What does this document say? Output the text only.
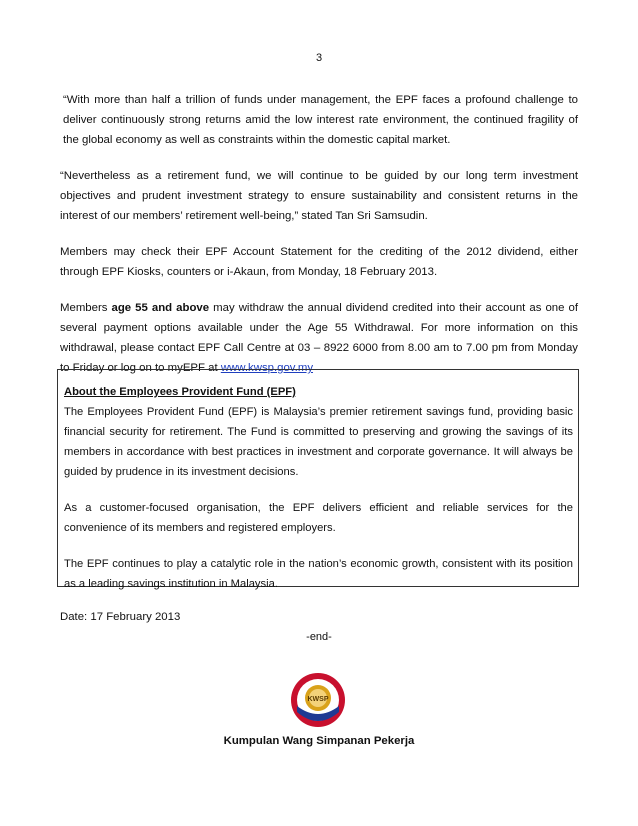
3

“With more than half a trillion of funds under management, the EPF faces a profound challenge to deliver continuously strong returns amid the low interest rate environment, the continued fragility of the global economy as well as constraints within the domestic capital market.

“Nevertheless as a retirement fund, we will continue to be guided by our long term investment objectives and prudent investment strategy to ensure sustainability and consistent returns in the interest of our members’ retirement well-being,” stated Tan Sri Samsudin.

Members may check their EPF Account Statement for the crediting of the 2012 dividend, either through EPF Kiosks, counters or i-Akaun, from Monday, 18 February 2013.

Members age 55 and above may withdraw the annual dividend credited into their account as one of several payment options available under the Age 55 Withdrawal. For more information on this withdrawal, please contact EPF Call Centre at 03 – 8922 6000 from 8.00 am to 7.00 pm from Monday to Friday or log on to myEPF at www.kwsp.gov.my

About the Employees Provident Fund (EPF)

The Employees Provident Fund (EPF) is Malaysia’s premier retirement savings fund, providing basic financial security for retirement. The Fund is committed to preserving and growing the savings of its members in accordance with best practices in investment and corporate governance. It will always be guided by prudence in its investment decisions.

As a customer-focused organisation, the EPF delivers efficient and reliable services for the convenience of its members and registered employers.

The EPF continues to play a catalytic role in the nation’s economic growth, consistent with its position as a leading savings institution in Malaysia.

Date: 17 February 2013
-end-
KWSP
Kumpulan Wang Simpanan Pekerja
